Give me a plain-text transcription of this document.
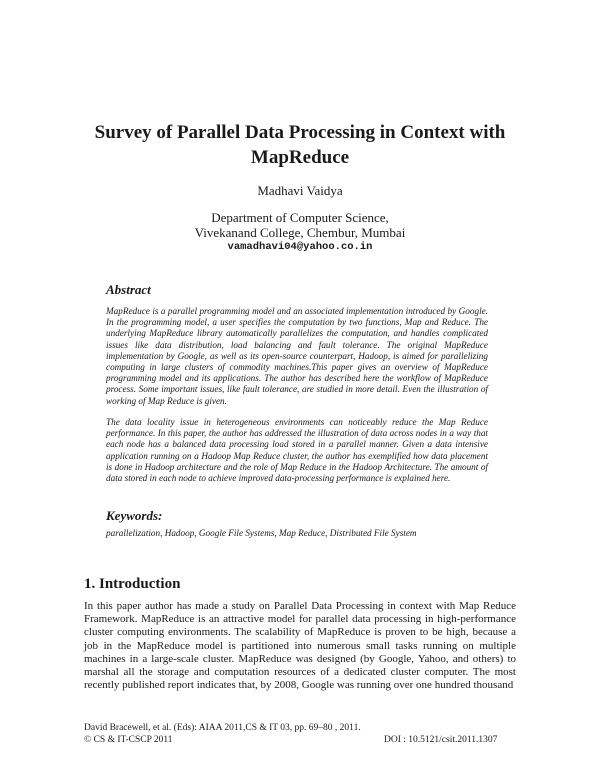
Survey of Parallel Data Processing in Context with MapReduce
Madhavi Vaidya
Department of Computer Science,
Vivekanand College, Chembur, Mumbai
vamadhavi04@yahoo.co.in
Abstract
MapReduce is a parallel programming model and an associated implementation introduced by Google. In the programming model, a user specifies the computation by two functions, Map and Reduce. The underlying MapReduce library automatically parallelizes the computation, and handles complicated issues like data distribution, load balancing and fault tolerance. The original MapReduce implementation by Google, as well as its open-source counterpart, Hadoop, is aimed for parallelizing computing in large clusters of commodity machines.This paper gives an overview of MapReduce programming model and its applications. The author has described here the workflow of MapReduce process. Some important issues, like fault tolerance, are studied in more detail. Even the illustration of working of Map Reduce is given.
The data locality issue in heterogeneous environments can noticeably reduce the Map Reduce performance. In this paper, the author has addressed the illustration of data across nodes in a way that each node has a balanced data processing load stored in a parallel manner. Given a data intensive application running on a Hadoop Map Reduce cluster, the author has exemplified how data placement is done in Hadoop architecture and the role of Map Reduce in the Hadoop Architecture. The amount of data stored in each node to achieve improved data-processing performance is explained here.
Keywords:
parallelization, Hadoop, Google File Systems, Map Reduce, Distributed File System
1. Introduction
In this paper author has made a study on Parallel Data Processing in context with Map Reduce Framework. MapReduce is an attractive model for parallel data processing in high-performance cluster computing environments. The scalability of MapReduce is proven to be high, because a job in the MapReduce model is partitioned into numerous small tasks running on multiple machines in a large-scale cluster. MapReduce was designed (by Google, Yahoo, and others) to marshal all the storage and computation resources of a dedicated cluster computer. The most recently published report indicates that, by 2008, Google was running over one hundred thousand
David Bracewell, et al. (Eds): AIAA 2011,CS & IT 03, pp. 69–80 , 2011.
© CS & IT-CSCP 2011	DOI : 10.5121/csit.2011.1307
